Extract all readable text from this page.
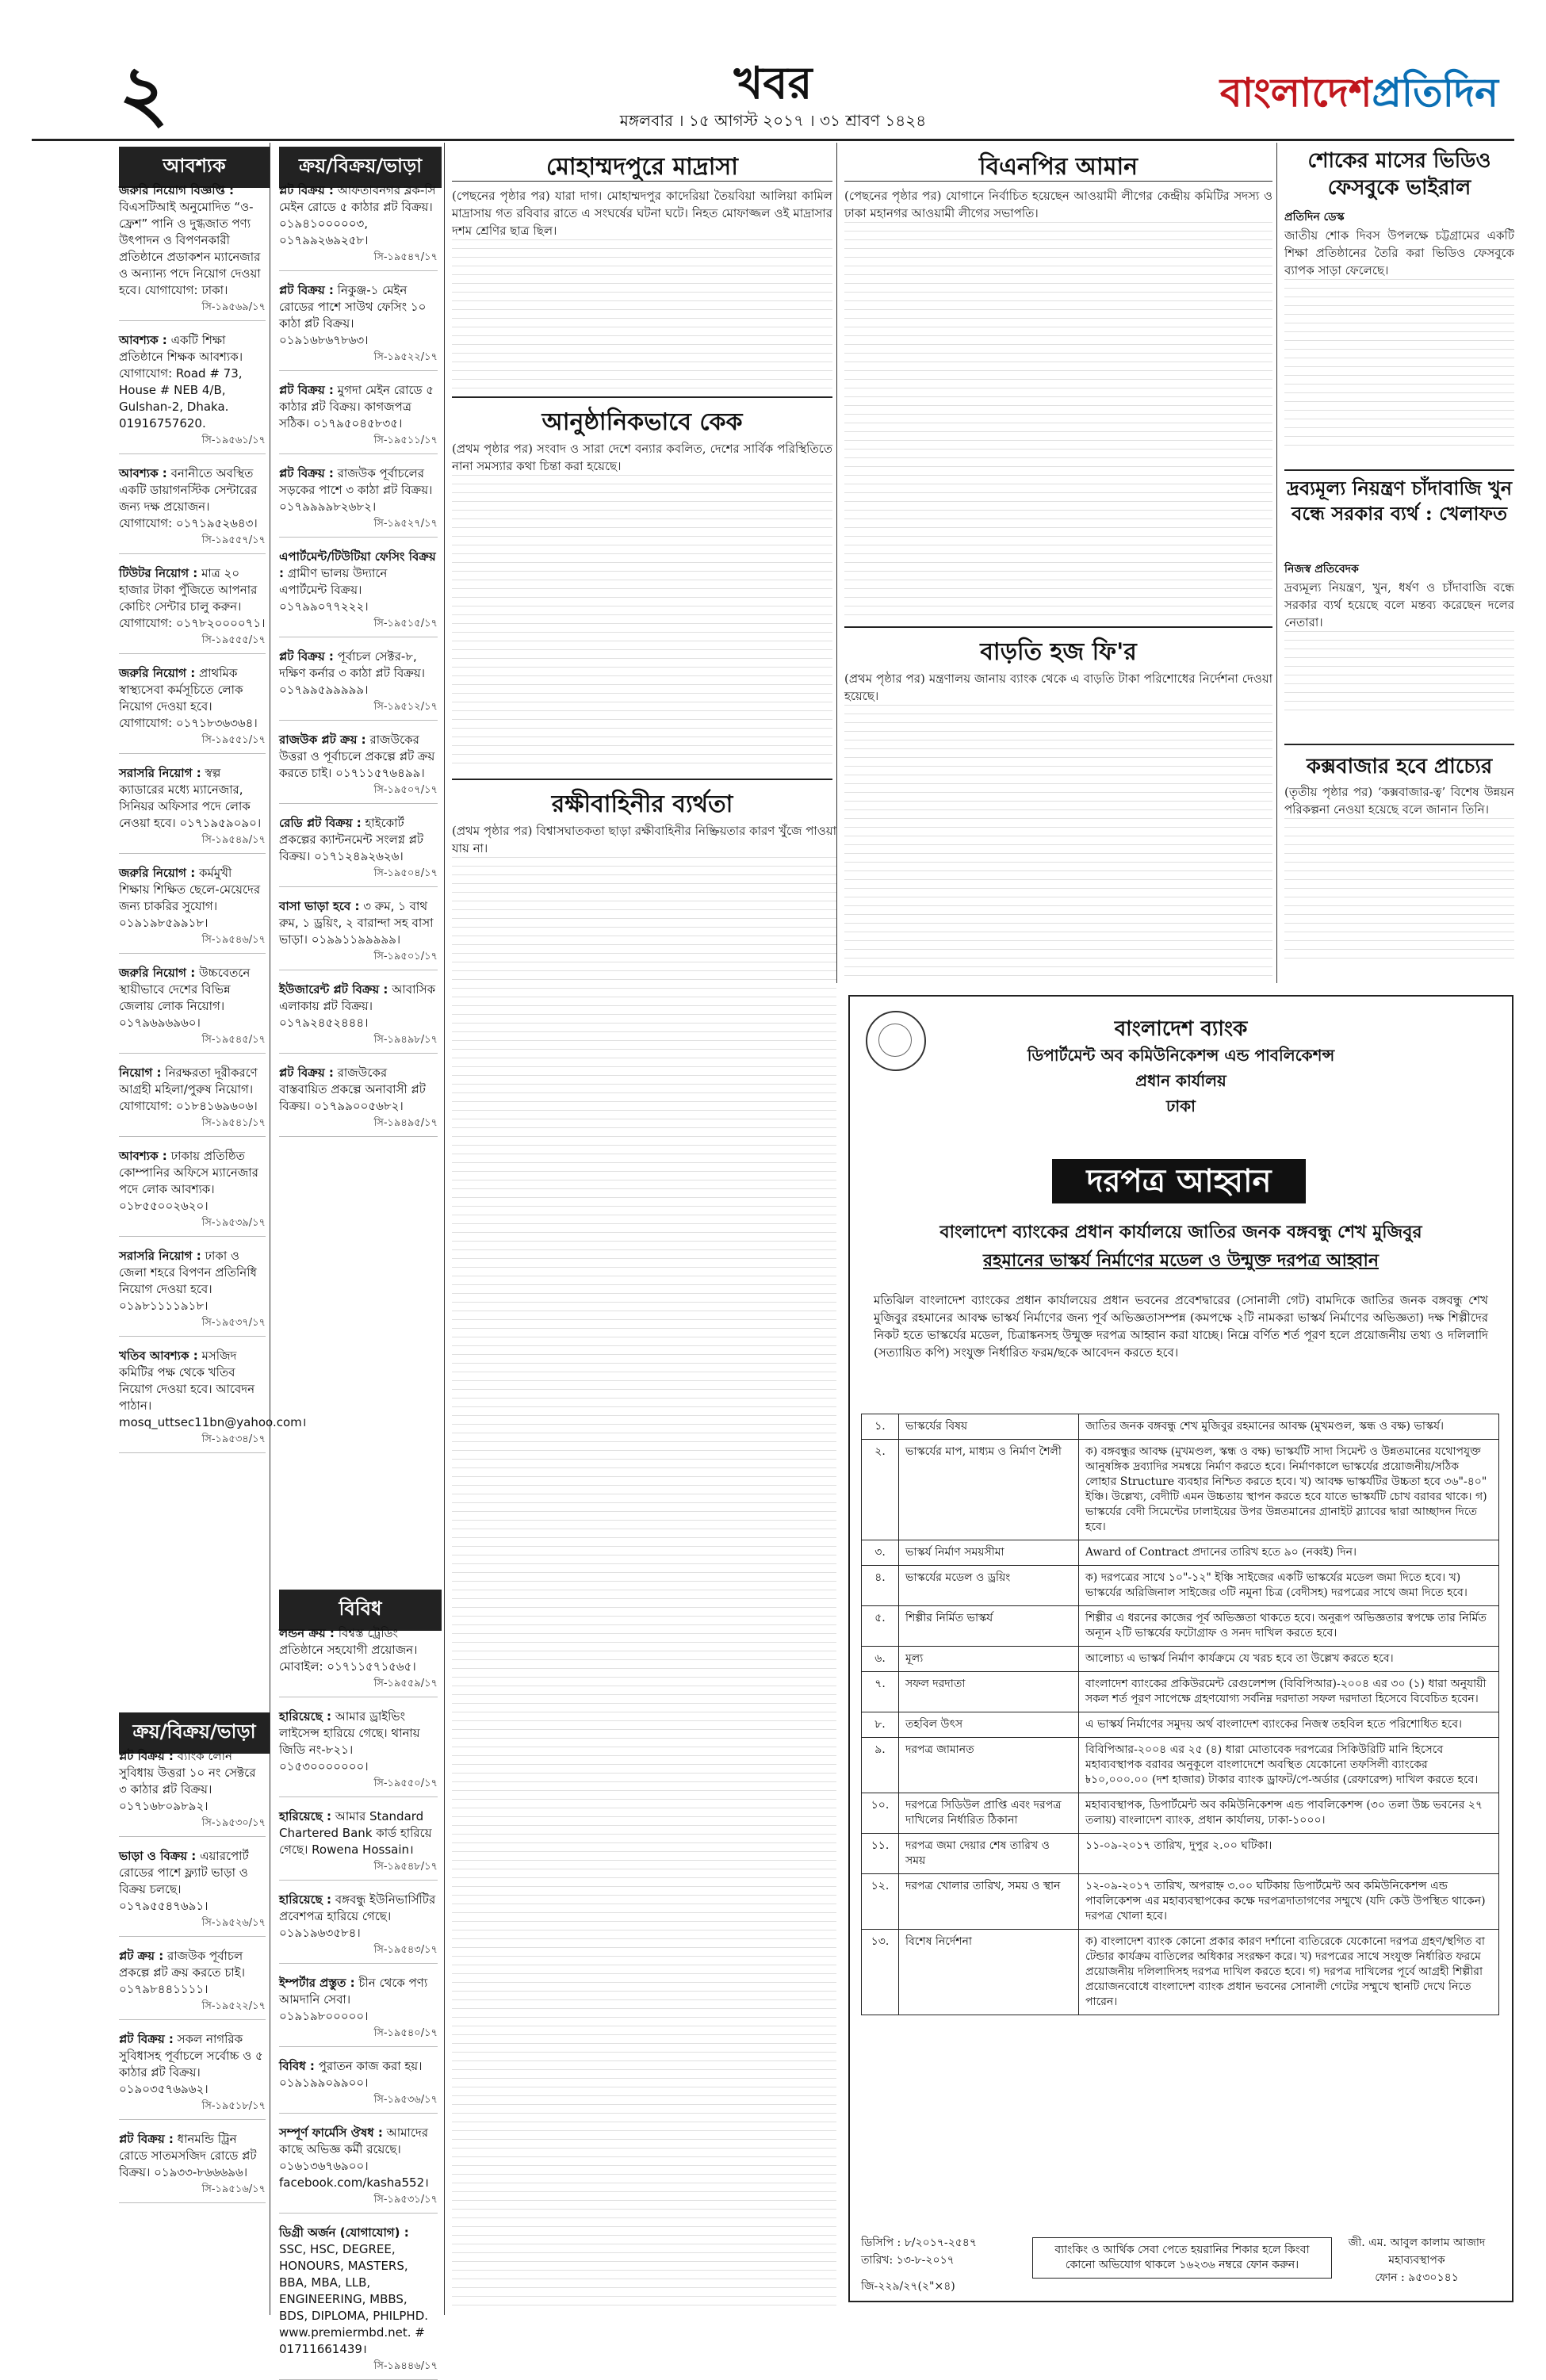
২	খবর
মঙ্গলবার । ১৫ আগস্ট ২০১৭ । ৩১ শ্রাবণ ১৪২৪
বাংলাদেশপ্রতিদিন
আবশ্যক
জরুরি নিয়োগ বিজ্ঞপ্তি : বিএসটিআই অনুমোদিত “ও-ফ্রেশ” পানি ও দুগ্ধজাত পণ্য উৎপাদন ও বিপণনকারী প্রতিষ্ঠানে প্রডাকশন ম্যানেজার ও অন্যান্য পদে নিয়োগ দেওয়া হবে। যোগাযোগ: ঢাকা।
সি-১৯৫৬৯/১৭
আবশ্যক : একটি শিক্ষা প্রতিষ্ঠানে শিক্ষক আবশ্যক। যোগাযোগ: Road # 73, House # NEB 4/B, Gulshan-2, Dhaka. 01916757620.
সি-১৯৫৬১/১৭
আবশ্যক : বনানীতে অবস্থিত একটি ডায়াগনস্টিক সেন্টারের জন্য দক্ষ প্রয়োজন। যোগাযোগ: ০১৭১৯৫২৬৪৩।
সি-১৯৫৫৭/১৭
টিউটর নিয়োগ : মাত্র ২০ হাজার টাকা পুঁজিতে আপনার কোচিং সেন্টার চালু করুন। যোগাযোগ: ০১৭৮২০০০০৭১।
সি-১৯৫৫৫/১৭
জরুরি নিয়োগ : প্রাথমিক স্বাস্থ্যসেবা কর্মসূচিতে লোক নিয়োগ দেওয়া হবে। যোগাযোগ: ০১৭১৮৩৬৩৬৪।
সি-১৯৫৫১/১৭
সরাসরি নিয়োগ : স্বল্প ক্যাডারের মধ্যে ম্যানেজার, সিনিয়র অফিসার পদে লোক নেওয়া হবে। ০১৭১৯৫৯০৯০।
সি-১৯৫৪৯/১৭
জরুরি নিয়োগ : কর্মমুখী শিক্ষায় শিক্ষিত ছেলে-মেয়েদের জন্য চাকরির সুযোগ। ০১৯১৯৮৫৯৯১৮।
সি-১৯৫৪৬/১৭
জরুরি নিয়োগ : উচ্চবেতনে স্থায়ীভাবে দেশের বিভিন্ন জেলায় লোক নিয়োগ। ০১৭৯৬৯৬৯৬০।
সি-১৯৫৪৫/১৭
নিয়োগ : নিরক্ষরতা দূরীকরণে আগ্রহী মহিলা/পুরুষ নিয়োগ। যোগাযোগ: ০১৮৪১৬৯৬০৬।
সি-১৯৫৪১/১৭
আবশ্যক : ঢাকায় প্রতিষ্ঠিত কোম্পানির অফিসে ম্যানেজার পদে লোক আবশ্যক। ০১৮৫৫০০২৬২০।
সি-১৯৫৩৯/১৭
সরাসরি নিয়োগ : ঢাকা ও জেলা শহরে বিপণন প্রতিনিধি নিয়োগ দেওয়া হবে। ০১৯৮১১১১৯১৮।
সি-১৯৫৩৭/১৭
খতিব আবশ্যক : মসজিদ কমিটির পক্ষ থেকে খতিব নিয়োগ দেওয়া হবে। আবেদন পাঠান। mosq_uttsec11bn@yahoo.com।
সি-১৯৫৩৪/১৭
ক্রয়/বিক্রয়/ভাড়া
প্লট বিক্রয় : ব্যাংক লোন সুবিধায় উত্তরা ১০ নং সেক্টরে ৩ কাঠার প্লট বিক্রয়। ০১৭১৬৮০৯৮৯২।
সি-১৯৫৩০/১৭
ভাড়া ও বিক্রয় : এয়ারপোর্ট রোডের পাশে ফ্ল্যাট ভাড়া ও বিক্রয় চলছে। ০১৭৯৫৫৪৭৬৯১।
সি-১৯৫২৬/১৭
প্লট ক্রয় : রাজউক পূর্বাচল প্রকল্পে প্লট ক্রয় করতে চাই। ০১৭৯৮৪৪১১১১।
সি-১৯৫২২/১৭
প্লট বিক্রয় : সকল নাগরিক সুবিধাসহ পূর্বাচলে সর্বোচ্চ ও ৫ কাঠার প্লট বিক্রয়। ০১৯০৩৫৭৬৯৬২।
সি-১৯৫১৮/১৭
প্লট বিক্রয় : ধানমন্ডি ট্রিন রোডে সাতমসজিদ রোডে প্লট বিক্রয়। ০১৯৩৩-৮৬৬৬৯৬।
সি-১৯৫১৬/১৭
ক্রয়/বিক্রয়/ভাড়া
প্লট বিক্রয় : আফতাবনগর ব্লক-সি মেইন রোডে ৫ কাঠার প্লট বিক্রয়। ০১৯৪১০০০০০৩, ০১৭৯৯২৬৯২৫৮।
সি-১৯৫৪৭/১৭
প্লট বিক্রয় : নিকুঞ্জ-১ মেইন রোডের পাশে সাউথ ফেসিং ১০ কাঠা প্লট বিক্রয়। ০১৯১৬৮৬৭৮৬৩।
সি-১৯৫২২/১৭
প্লট বিক্রয় : মুগদা মেইন রোডে ৫ কাঠার প্লট বিক্রয়। কাগজপত্র সঠিক। ০১৭৯৫০৪৫৮৩৫।
সি-১৯৫১১/১৭
প্লট বিক্রয় : রাজউক পূর্বাচলের সড়কের পাশে ৩ কাঠা প্লট বিক্রয়। ০১৭৯৯৯৯৮২৬৮২।
সি-১৯৫২৭/১৭
এপার্টমেন্ট/টিউটিয়া ফেসিং বিক্রয় : গ্রামীণ ভালয় উদ্যানে এপার্টমেন্ট বিক্রয়। ০১৭৯৯০৭৭২২২।
সি-১৯৫১৫/১৭
প্লট বিক্রয় : পূর্বাচল সেক্টর-৮, দক্ষিণ কর্নার ৩ কাঠা প্লট বিক্রয়। ০১৭৯৯৫৯৯৯৯৯।
সি-১৯৫১২/১৭
রাজউক প্লট ক্রয় : রাজউকের উত্তরা ও পূর্বাচলে প্রকল্পে প্লট ক্রয় করতে চাই। ০১৭১১৫৭৬৪৯৯।
সি-১৯৫০৭/১৭
রেডি প্লট বিক্রয় : হাইকোর্ট প্রকল্পের ক্যান্টনমেন্ট সংলগ্ন প্লট বিক্রয়। ০১৭১২৪৯২৬২৬।
সি-১৯৫০৪/১৭
বাসা ভাড়া হবে : ৩ রুম, ১ বাথ রুম, ১ ড্রয়িং, ২ বারান্দা সহ বাসা ভাড়া। ০১৯৯১১৯৯৯৯৯।
সি-১৯৫০১/১৭
ইউজারেন্ট প্লট বিক্রয় : আবাসিক এলাকায় প্লট বিক্রয়। ০১৭৯২৪৫২৪৪৪।
সি-১৯৪৯৮/১৭
প্লট বিক্রয় : রাজউকের বাস্তবায়িত প্রকল্পে অনাবাসী প্লট বিক্রয়। ০১৭৯৯০০৫৬৮২।
সি-১৯৪৯৫/১৭
বিবিধ
লন্ডন ক্রয় : বিশ্বস্ত ট্রেডিং প্রতিষ্ঠানে সহযোগী প্রয়োজন। মোবাইল: ০১৭১১৫৭১৫৬৫।
সি-১৯৫৫৯/১৭
হারিয়েছে : আমার ড্রাইভিং লাইসেন্স হারিয়ে গেছে। থানায় জিডি নং-৮২১। ০১৫৩০০০০০০০।
সি-১৯৫৫০/১৭
হারিয়েছে : আমার Standard Chartered Bank কার্ড হারিয়ে গেছে। Rowena Hossain।
সি-১৯৫৪৮/১৭
হারিয়েছে : বঙ্গবন্ধু ইউনিভার্সিটির প্রবেশপত্র হারিয়ে গেছে। ০১৯১৯৬৩৫৮৪।
সি-১৯৫৪৩/১৭
ইম্পর্টার প্রস্তুত : চীন থেকে পণ্য আমদানি সেবা। ০১৯১৯৮০০০০০।
সি-১৯৫৪০/১৭
বিবিধ : পুরাতন কাজ করা হয়। ০১৯১৯৯০৯৯০০।
সি-১৯৫৩৬/১৭
সম্পূর্ণ ফার্মেসি ঔষধ : আমাদের কাছে অভিজ্ঞ কর্মী রয়েছে। ০১৬১৩৬৭৬৯০০। facebook.com/kasha552।
সি-১৯৫৩১/১৭
ডিগ্রী অর্জন (যোগাযোগ) : SSC, HSC, DEGREE, HONOURS, MASTERS, BBA, MBA, LLB, ENGINEERING, MBBS, BDS, DIPLOMA, PHILPHD. www.premiermbd.net. # 01711661439।
সি-১৯৪৪৬/১৭
মোহাম্মদপুরে মাদ্রাসা
(পেছনের পৃষ্ঠার পর) যারা দাগ। মোহাম্মদপুর কাদেরিয়া তৈয়বিয়া আলিয়া কামিল মাদ্রাসায় গত রবিবার রাতে এ সংঘর্ষের ঘটনা ঘটে। নিহত মোফাজ্জল ওই মাদ্রাসার দশম শ্রেণির ছাত্র ছিল।
আনুষ্ঠানিকভাবে কেক
(প্রথম পৃষ্ঠার পর) সংবাদ ও সারা দেশে বন্যার কবলিত, দেশের সার্বিক পরিস্থিতিতে নানা সমস্যার কথা চিন্তা করা হয়েছে।
রক্ষীবাহিনীর ব্যর্থতা
(প্রথম পৃষ্ঠার পর) বিশ্বাসঘাতকতা ছাড়া রক্ষীবাহিনীর নিষ্ক্রিয়তার কারণ খুঁজে পাওয়া যায় না।
বিএনপির আমান
(পেছনের পৃষ্ঠার পর) যোগানে নির্বাচিত হয়েছেন আওয়ামী লীগের কেন্দ্রীয় কমিটির সদস্য ও ঢাকা মহানগর আওয়ামী লীগের সভাপতি।
বাড়তি হজ ফি'র
(প্রথম পৃষ্ঠার পর) মন্ত্রণালয় জানায় ব্যাংক থেকে এ বাড়তি টাকা পরিশোধের নির্দেশনা দেওয়া হয়েছে।
শোকের মাসের ভিডিও ফেসবুকে ভাইরাল
প্রতিদিন ডেস্ক
জাতীয় শোক দিবস উপলক্ষে চট্টগ্রামের একটি শিক্ষা প্রতিষ্ঠানের তৈরি করা ভিডিও ফেসবুকে ব্যাপক সাড়া ফেলেছে।
দ্রব্যমূল্য নিয়ন্ত্রণ চাঁদাবাজি খুন বন্ধে সরকার ব্যর্থ : খেলাফত
নিজস্ব প্রতিবেদক
দ্রব্যমূল্য নিয়ন্ত্রণ, খুন, ধর্ষণ ও চাঁদাবাজি বন্ধে সরকার ব্যর্থ হয়েছে বলে মন্তব্য করেছেন দলের নেতারা।
কক্সবাজার হবে প্রাচ্যের
(তৃতীয় পৃষ্ঠার পর) ‘কক্সবাজার-ত্ব’ বিশেষ উন্নয়ন পরিকল্পনা নেওয়া হয়েছে বলে জানান তিনি।
বাংলাদেশ ব্যাংক
ডিপার্টমেন্ট অব কমিউনিকেশন্স এন্ড পাবলিকেশন্স
প্রধান কার্যালয়
ঢাকা
দরপত্র আহ্বান
বাংলাদেশ ব্যাংকের প্রধান কার্যালয়ে জাতির জনক বঙ্গবন্ধু শেখ মুজিবুর
রহমানের ভাস্কর্য নির্মাণের মডেল ও উন্মুক্ত দরপত্র আহ্বান
মতিঝিল বাংলাদেশ ব্যাংকের প্রধান কার্যালয়ের প্রধান ভবনের প্রবেশদ্বারের (সোনালী গেট) বামদিকে জাতির জনক বঙ্গবন্ধু শেখ মুজিবুর রহমানের আবক্ষ ভাস্কর্য নির্মাণের জন্য পূর্ব অভিজ্ঞতাসম্পন্ন (কমপক্ষে ২টি নামকরা ভাস্কর্য নির্মাণের অভিজ্ঞতা) দক্ষ শিল্পীদের নিকট হতে ভাস্কর্যের মডেল, চিত্রাঙ্কনসহ উন্মুক্ত দরপত্র আহ্বান করা যাচ্ছে। নিম্নে বর্ণিত শর্ত পূরণ হলে প্রয়োজনীয় তথ্য ও দলিলাদি (সত্যায়িত কপি) সংযুক্ত নির্ধারিত ফরম/ছকে আবেদন করতে হবে।
১.	ভাস্কর্যের বিষয়	জাতির জনক বঙ্গবন্ধু শেখ মুজিবুর রহমানের আবক্ষ (মুখমণ্ডল, স্কন্ধ ও বক্ষ) ভাস্কর্য।
২.	ভাস্কর্যের মাপ, মাধ্যম ও নির্মাণ শৈলী	ক) বঙ্গবন্ধুর আবক্ষ (মুখমণ্ডল, স্কন্ধ ও বক্ষ) ভাস্কর্যটি সাদা সিমেন্ট ও উন্নতমানের যথোপযুক্ত আনুষঙ্গিক দ্রব্যাদির সমন্বয়ে নির্মাণ করতে হবে। নির্মাণকালে ভাস্কর্যের প্রয়োজনীয়/সঠিক লোহার Structure ব্যবহার নিশ্চিত করতে হবে। খ) আবক্ষ ভাস্কর্যটির উচ্চতা হবে ৩৬"-৪০" ইঞ্চি। উল্লেখ্য, বেদীটি এমন উচ্চতায় স্থাপন করতে হবে যাতে ভাস্কর্যটি চোখ বরাবর থাকে। গ) ভাস্কর্যের বেদী সিমেন্টের ঢালাইয়ের উপর উন্নতমানের গ্রানাইট স্ল্যাবের দ্বারা আচ্ছাদন দিতে হবে।
৩.	ভাস্কর্য নির্মাণ সময়সীমা	Award of Contract প্রদানের তারিখ হতে ৯০ (নব্বই) দিন।
৪.	ভাস্কর্যের মডেল ও ড্রয়িং	ক) দরপত্রের সাথে ১০"-১২" ইঞ্চি সাইজের একটি ভাস্কর্যের মডেল জমা দিতে হবে। খ) ভাস্কর্যের অরিজিনাল সাইজের ৩টি নমুনা চিত্র (বেদীসহ) দরপত্রের সাথে জমা দিতে হবে।
৫.	শিল্পীর নির্মিত ভাস্কর্য	শিল্পীর এ ধরনের কাজের পূর্ব অভিজ্ঞতা থাকতে হবে। অনুরূপ অভিজ্ঞতার স্বপক্ষে তার নির্মিত অন্যূন ২টি ভাস্কর্যের ফটোগ্রাফ ও সনদ দাখিল করতে হবে।
৬.	মূল্য	আলোচ্য এ ভাস্কর্য নির্মাণ কার্যক্রমে যে খরচ হবে তা উল্লেখ করতে হবে।
৭.	সফল দরদাতা	বাংলাদেশ ব্যাংকের প্রকিউরমেন্ট রেগুলেশন্স (বিবিপিআর)-২০০৪ এর ৩০ (১) ধারা অনুযায়ী সকল শর্ত পূরণ সাপেক্ষে গ্রহণযোগ্য সর্বনিম্ন দরদাতা সফল দরদাতা হিসেবে বিবেচিত হবেন।
৮.	তহবিল উৎস	এ ভাস্কর্য নির্মাণের সমুদয় অর্থ বাংলাদেশ ব্যাংকের নিজস্ব তহবিল হতে পরিশোধিত হবে।
৯.	দরপত্র জামানত	বিবিপিআর-২০০৪ এর ২৫ (৪) ধারা মোতাবেক দরপত্রের সিকিউরিটি মানি হিসেবে মহাব্যবস্থাপক বরাবর অনুকূলে বাংলাদেশে অবস্থিত যেকোনো তফসিলী ব্যাংকের ৳১০,০০০.০০ (দশ হাজার) টাকার ব্যাংক ড্রাফট/পে-অর্ডার (রেফারেন্স) দাখিল করতে হবে।
১০.	দরপত্রে সিডিউল প্রাপ্তি এবং দরপত্র দাখিলের নির্ধারিত ঠিকানা	মহাব্যবস্থাপক, ডিপার্টমেন্ট অব কমিউনিকেশন্স এন্ড পাবলিকেশন্স (৩০ তলা উচ্চ ভবনের ২৭ তলায়) বাংলাদেশ ব্যাংক, প্রধান কার্যালয়, ঢাকা-১০০০।
১১.	দরপত্র জমা দেয়ার শেষ তারিখ ও সময়	১১-০৯-২০১৭ তারিখ, দুপুর ২.০০ ঘটিকা।
১২.	দরপত্র খোলার তারিখ, সময় ও স্থান	১২-০৯-২০১৭ তারিখ, অপরাহ্ন ৩.০০ ঘটিকায় ডিপার্টমেন্ট অব কমিউনিকেশন্স এন্ড পাবলিকেশন্স এর মহাব্যবস্থাপকের কক্ষে দরপত্রদাতাগণের সম্মুখে (যদি কেউ উপস্থিত থাকেন) দরপত্র খোলা হবে।
১৩.	বিশেষ নির্দেশনা	ক) বাংলাদেশ ব্যাংক কোনো প্রকার কারণ দর্শানো ব্যতিরেকে যেকোনো দরপত্র গ্রহণ/স্থগিত বা টেন্ডার কার্যক্রম বাতিলের অধিকার সংরক্ষণ করে। খ) দরপত্রের সাথে সংযুক্ত নির্ধারিত ফরমে প্রয়োজনীয় দলিলাদিসহ দরপত্র দাখিল করতে হবে। গ) দরপত্র দাখিলের পূর্বে আগ্রহী শিল্পীরা প্রয়োজনবোধে বাংলাদেশ ব্যাংক প্রধান ভবনের সোনালী গেটের সম্মুখে স্থানটি দেখে নিতে পারেন।
ডিসিপি : ৮/২০১৭-২৫৪৭
তারিখ: ১৩-৮-২০১৭
জি-২২৯/২৭(২"×৪)
ব্যাংকিং ও আর্থিক সেবা পেতে হয়রানির শিকার হলে কিংবা কোনো অভিযোগ থাকলে ১৬২৩৬ নম্বরে ফোন করুন।
জী. এম. আবুল কালাম আজাদ
মহাব্যবস্থাপক
ফোন : ৯৫৩০১৪১
